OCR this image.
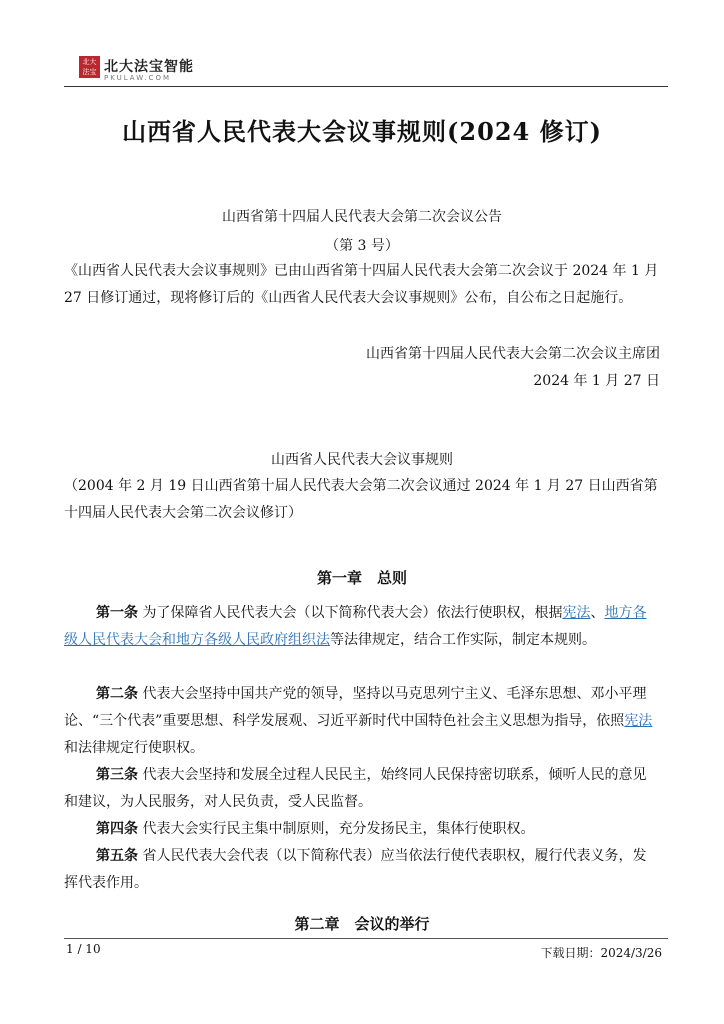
北大
法宝 北大法宝智能
PKULAW.COM
山西省人民代表大会议事规则(2024 修订)
山西省第十四届人民代表大会第二次会议公告
（第 3 号）
《山西省人民代表大会议事规则》已由山西省第十四届人民代表大会第二次会议于 2024 年 1 月 27 日修订通过，现将修订后的《山西省人民代表大会议事规则》公布，自公布之日起施行。
山西省第十四届人民代表大会第二次会议主席团
2024 年 1 月 27 日
山西省人民代表大会议事规则
（2004 年 2 月 19 日山西省第十届人民代表大会第二次会议通过 2024 年 1 月 27 日山西省第十四届人民代表大会第二次会议修订）
第一章　总则
第一条 为了保障省人民代表大会（以下简称代表大会）依法行使职权，根据宪法、地方各级人民代表大会和地方各级人民政府组织法等法律规定，结合工作实际，制定本规则。
第二条 代表大会坚持中国共产党的领导，坚持以马克思列宁主义、毛泽东思想、邓小平理论、“三个代表”重要思想、科学发展观、习近平新时代中国特色社会主义思想为指导，依照宪法和法律规定行使职权。
第三条 代表大会坚持和发展全过程人民民主，始终同人民保持密切联系，倾听人民的意见和建议，为人民服务，对人民负责，受人民监督。
第四条 代表大会实行民主集中制原则，充分发扬民主，集体行使职权。
第五条 省人民代表大会代表（以下简称代表）应当依法行使代表职权，履行代表义务，发挥代表作用。
第二章　会议的举行
1 / 10	下载日期：2024/3/26
